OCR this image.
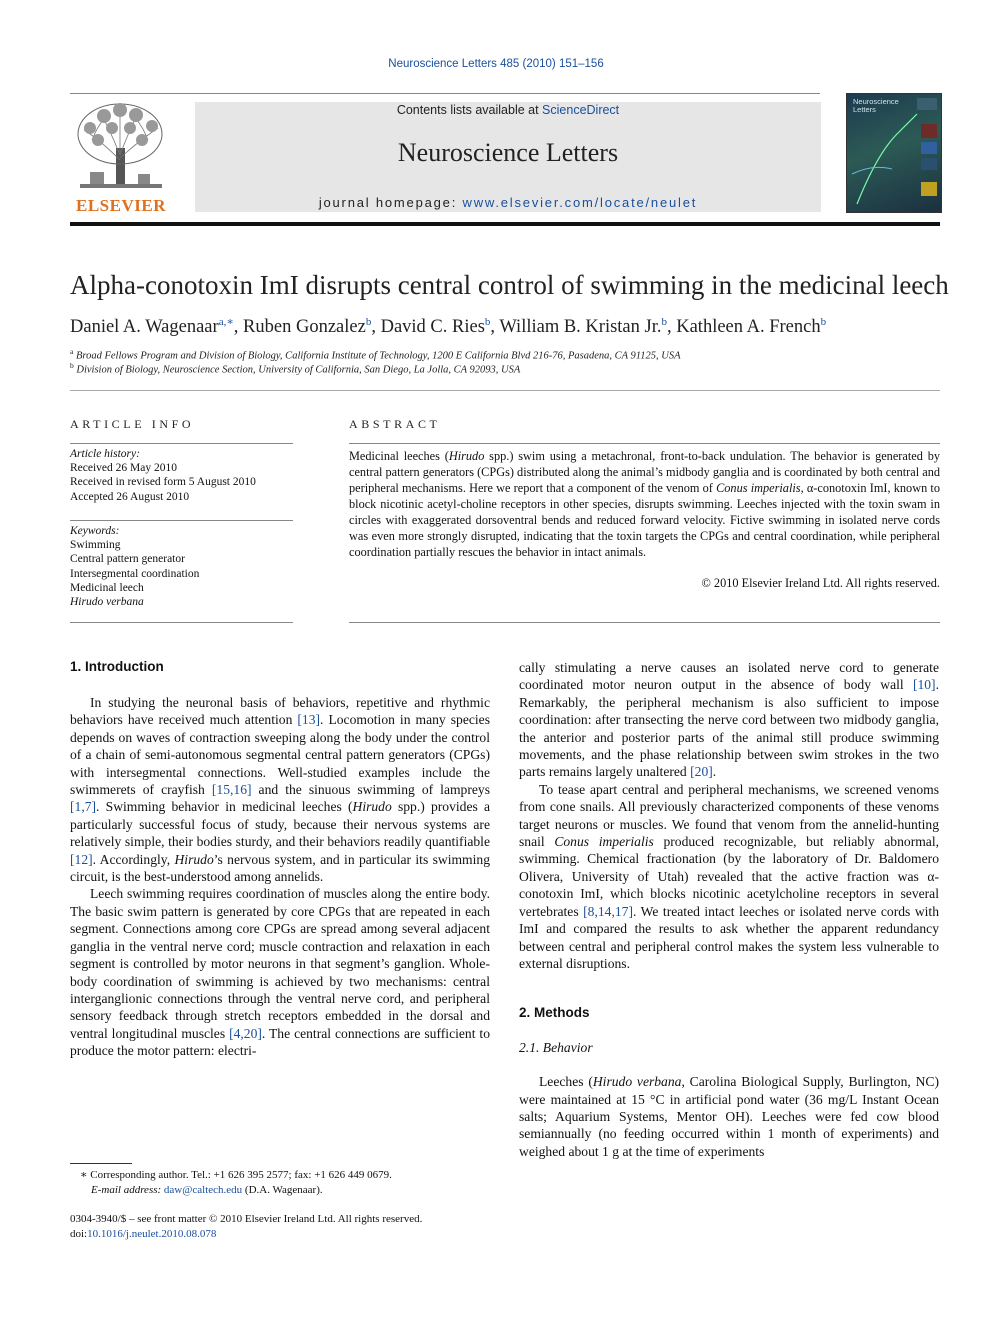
Neuroscience Letters 485 (2010) 151–156
ELSEVIER
Contents lists available at ScienceDirect
Neuroscience Letters
journal homepage: www.elsevier.com/locate/neulet
Neuroscience Letters
Alpha-conotoxin ImI disrupts central control of swimming in the medicinal leech
Daniel A. Wagenaar$^{a,∗}$, Ruben Gonzalez$^b$, David C. Ries$^b$, William B. Kristan Jr.$^b$, Kathleen A. French$^b$
$^a$ Broad Fellows Program and Division of Biology, California Institute of Technology, 1200 E California Blvd 216-76, Pasadena, CA 91125, USA
$^b$ Division of Biology, Neuroscience Section, University of California, San Diego, La Jolla, CA 92093, USA
ARTICLE INFO
Article history:
Received 26 May 2010
Received in revised form 5 August 2010
Accepted 26 August 2010
Keywords:
Swimming
Central pattern generator
Intersegmental coordination
Medicinal leech
Hirudo verbana
ABSTRACT
Medicinal leeches (Hirudo spp.) swim using a metachronal, front-to-back undulation. The behavior is generated by central pattern generators (CPGs) distributed along the animal’s midbody ganglia and is coordinated by both central and peripheral mechanisms. Here we report that a component of the venom of Conus imperialis, α-conotoxin ImI, known to block nicotinic acetyl-choline receptors in other species, disrupts swimming. Leeches injected with the toxin swam in circles with exaggerated dorsoventral bends and reduced forward velocity. Fictive swimming in isolated nerve cords was even more strongly disrupted, indicating that the toxin targets the CPGs and central coordination, while peripheral coordination partially rescues the behavior in intact animals.
© 2010 Elsevier Ireland Ltd. All rights reserved.
1. Introduction

In studying the neuronal basis of behaviors, repetitive and rhythmic behaviors have received much attention [13]. Locomotion in many species depends on waves of contraction sweeping along the body under the control of a chain of semi-autonomous segmental central pattern generators (CPGs) with intersegmental connections. Well-studied examples include the swimmerets of crayfish [15,16] and the sinuous swimming of lampreys [1,7]. Swimming behavior in medicinal leeches (Hirudo spp.) provides a particularly successful focus of study, because their nervous systems are relatively simple, their bodies sturdy, and their behaviors readily quantifiable [12]. Accordingly, Hirudo’s nervous system, and in particular its swimming circuit, is the best-understood among annelids.

Leech swimming requires coordination of muscles along the entire body. The basic swim pattern is generated by core CPGs that are repeated in each segment. Connections among core CPGs are spread among several adjacent ganglia in the ventral nerve cord; muscle contraction and relaxation in each segment is controlled by motor neurons in that segment’s ganglion. Whole-body coordination of swimming is achieved by two mechanisms: central interganglionic connections through the ventral nerve cord, and peripheral sensory feedback through stretch receptors embedded in the dorsal and ventral longitudinal muscles [4,20]. The central connections are sufficient to produce the motor pattern: electri-

cally stimulating a nerve causes an isolated nerve cord to generate coordinated motor neuron output in the absence of body wall [10]. Remarkably, the peripheral mechanism is also sufficient to impose coordination: after transecting the nerve cord between two midbody ganglia, the anterior and posterior parts of the animal still produce swimming movements, and the phase relationship between swim strokes in the two parts remains largely unaltered [20].

To tease apart central and peripheral mechanisms, we screened venoms from cone snails. All previously characterized components of these venoms target neurons or muscles. We found that venom from the annelid-hunting snail Conus imperialis produced recognizable, but reliably abnormal, swimming. Chemical fractionation (by the laboratory of Dr. Baldomero Olivera, University of Utah) revealed that the active fraction was α-conotoxin ImI, which blocks nicotinic acetylcholine receptors in several vertebrates [8,14,17]. We treated intact leeches or isolated nerve cords with ImI and compared the results to ask whether the apparent redundancy between central and peripheral control makes the system less vulnerable to external disruptions.

2. Methods
2.1. Behavior

Leeches (Hirudo verbana, Carolina Biological Supply, Burlington, NC) were maintained at 15 °C in artificial pond water (36 mg/L Instant Ocean salts; Aquarium Systems, Mentor OH). Leeches were fed cow blood semiannually (no feeding occurred within 1 month of experiments) and weighed about 1 g at the time of experiments

∗ Corresponding author. Tel.: +1 626 395 2577; fax: +1 626 449 0679.
E-mail address: daw@caltech.edu (D.A. Wagenaar).
0304-3940/$ – see front matter © 2010 Elsevier Ireland Ltd. All rights reserved.
doi:10.1016/j.neulet.2010.08.078
